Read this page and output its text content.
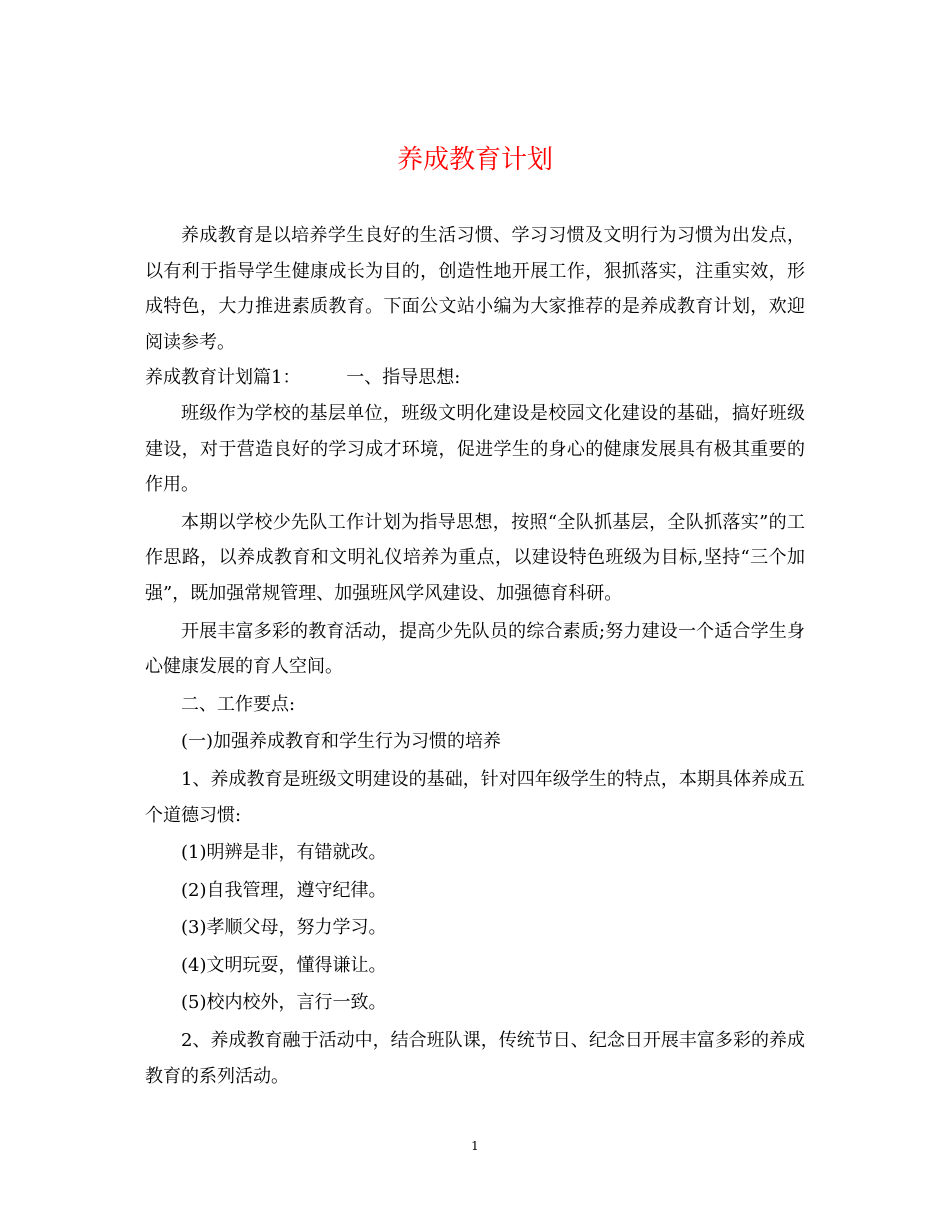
养成教育计划

养成教育是以培养学生良好的生活习惯、学习习惯及文明行为习惯为出发点，以有利于指导学生健康成长为目的，创造性地开展工作，狠抓落实，注重实效，形成特色，大力推进素质教育。下面公文站小编为大家推荐的是养成教育计划，欢迎阅读参考。

养成教育计划篇1：        一、指导思想:

班级作为学校的基层单位，班级文明化建设是校园文化建设的基础，搞好班级建设，对于营造良好的学习成才环境，促进学生的身心的健康发展具有极其重要的作用。

本期以学校少先队工作计划为指导思想，按照“全队抓基层，全队抓落实”的工作思路，以养成教育和文明礼仪培养为重点，以建设特色班级为目标,坚持“三个加强”，既加强常规管理、加强班风学风建设、加强德育科研。

开展丰富多彩的教育活动，提高少先队员的综合素质;努力建设一个适合学生身心健康发展的育人空间。

二、工作要点:

(一)加强养成教育和学生行为习惯的培养

1、养成教育是班级文明建设的基础，针对四年级学生的特点，本期具体养成五个道德习惯:

(1)明辨是非，有错就改。

(2)自我管理，遵守纪律。

(3)孝顺父母，努力学习。

(4)文明玩耍，懂得谦让。

(5)校内校外，言行一致。

2、养成教育融于活动中，结合班队课，传统节日、纪念日开展丰富多彩的养成教育的系列活动。

1
